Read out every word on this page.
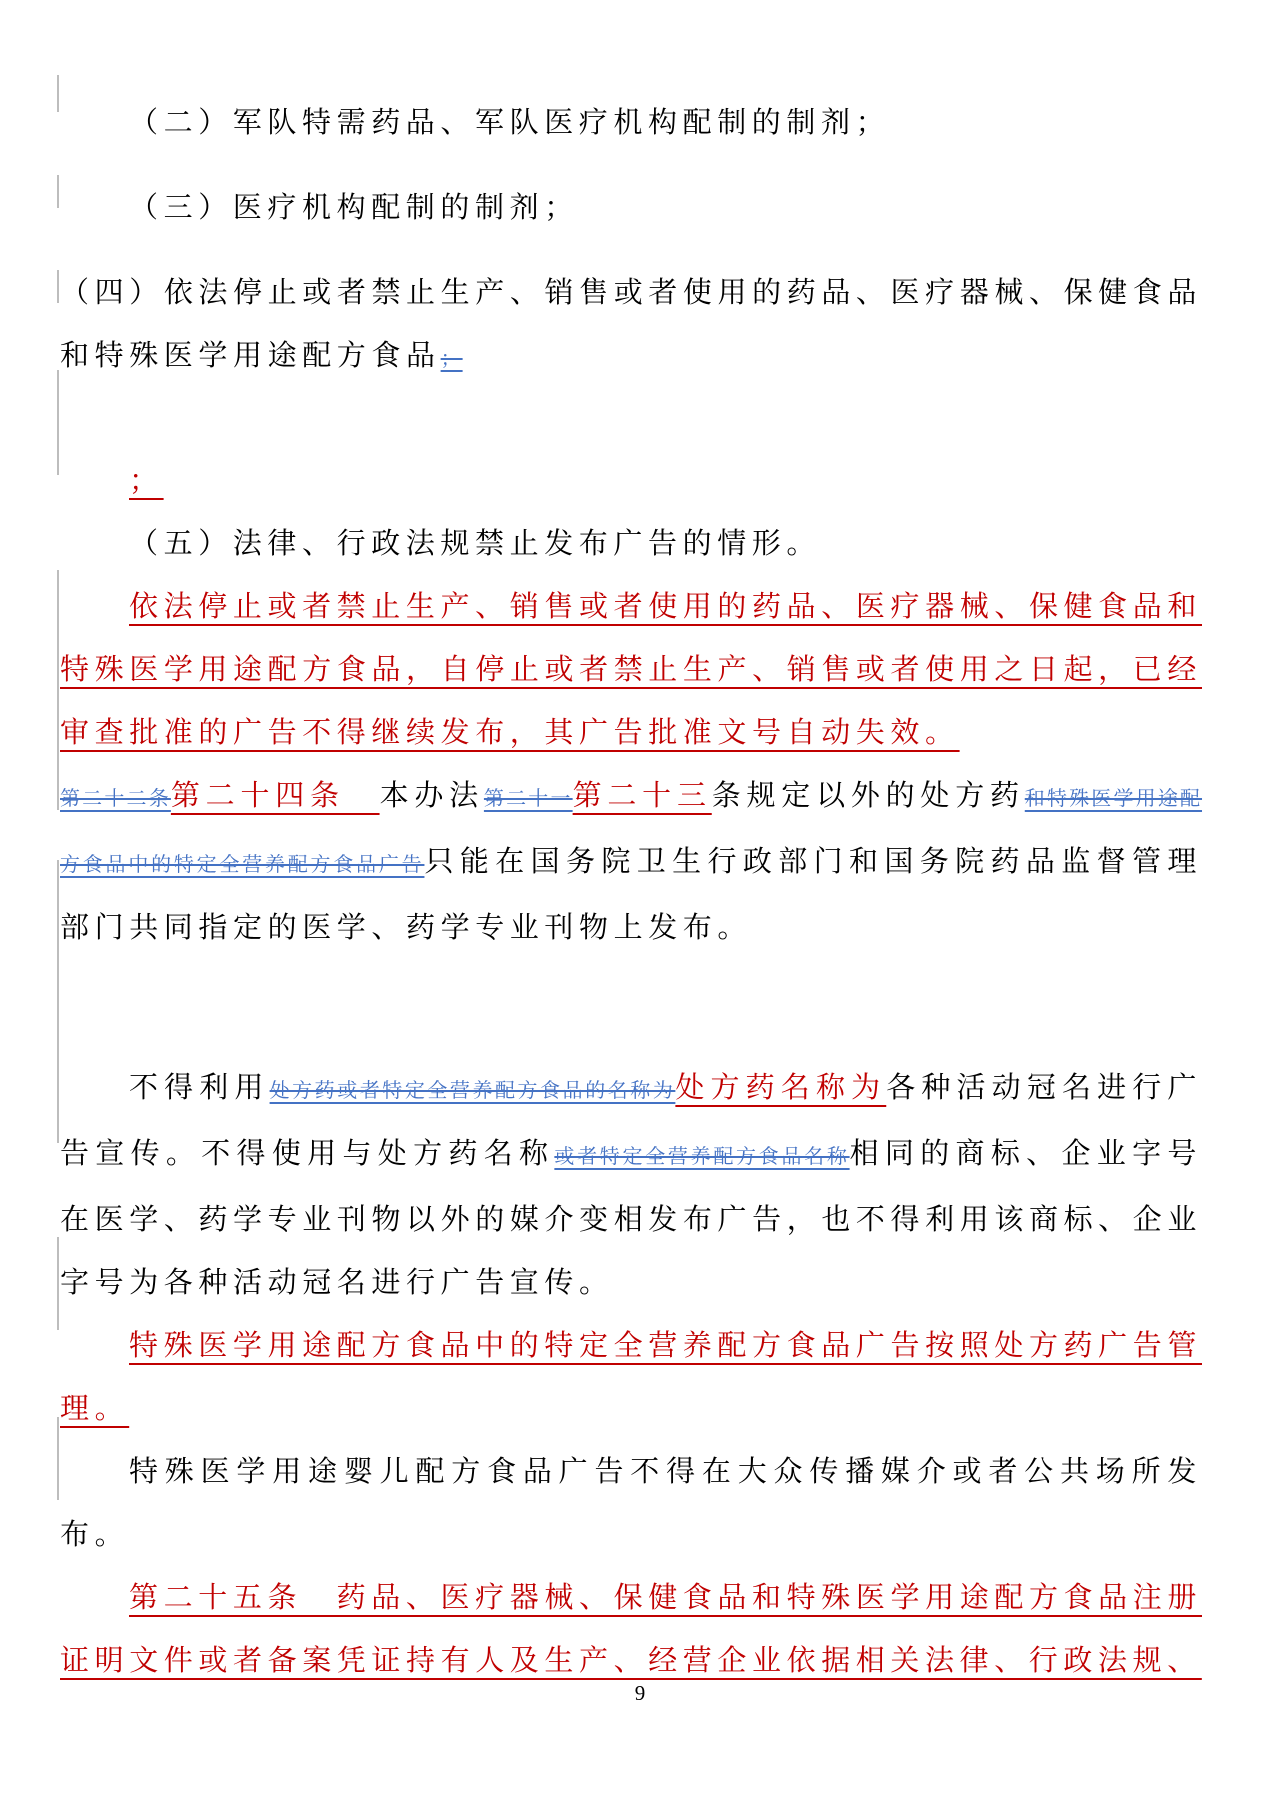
（二）军队特需药品、军队医疗机构配制的制剂；
（三）医疗机构配制的制剂；
（四）依法停止或者禁止生产、销售或者使用的药品、医疗器械、保健食品和特殊医学用途配方食品；
；
（五）法律、行政法规禁止发布广告的情形。
依法停止或者禁止生产、销售或者使用的药品、医疗器械、保健食品和特殊医学用途配方食品，自停止或者禁止生产、销售或者使用之日起，已经审查批准的广告不得继续发布，其广告批准文号自动失效。
第二十二条第二十四条　本办法第二十一第二十三条规定以外的处方药和特殊医学用途配方食品中的特定全营养配方食品广告只能在国务院卫生行政部门和国务院药品监督管理部门共同指定的医学、药学专业刊物上发布。
不得利用处方药或者特定全营养配方食品的名称为处方药名称为各种活动冠名进行广告宣传。不得使用与处方药名称或者特定全营养配方食品名称相同的商标、企业字号在医学、药学专业刊物以外的媒介变相发布广告，也不得利用该商标、企业字号为各种活动冠名进行广告宣传。
特殊医学用途配方食品中的特定全营养配方食品广告按照处方药广告管理。
特殊医学用途婴儿配方食品广告不得在大众传播媒介或者公共场所发布。
第二十五条　药品、医疗器械、保健食品和特殊医学用途配方食品注册证明文件或者备案凭证持有人及生产、经营企业依据相关法律、行政法规、
9
